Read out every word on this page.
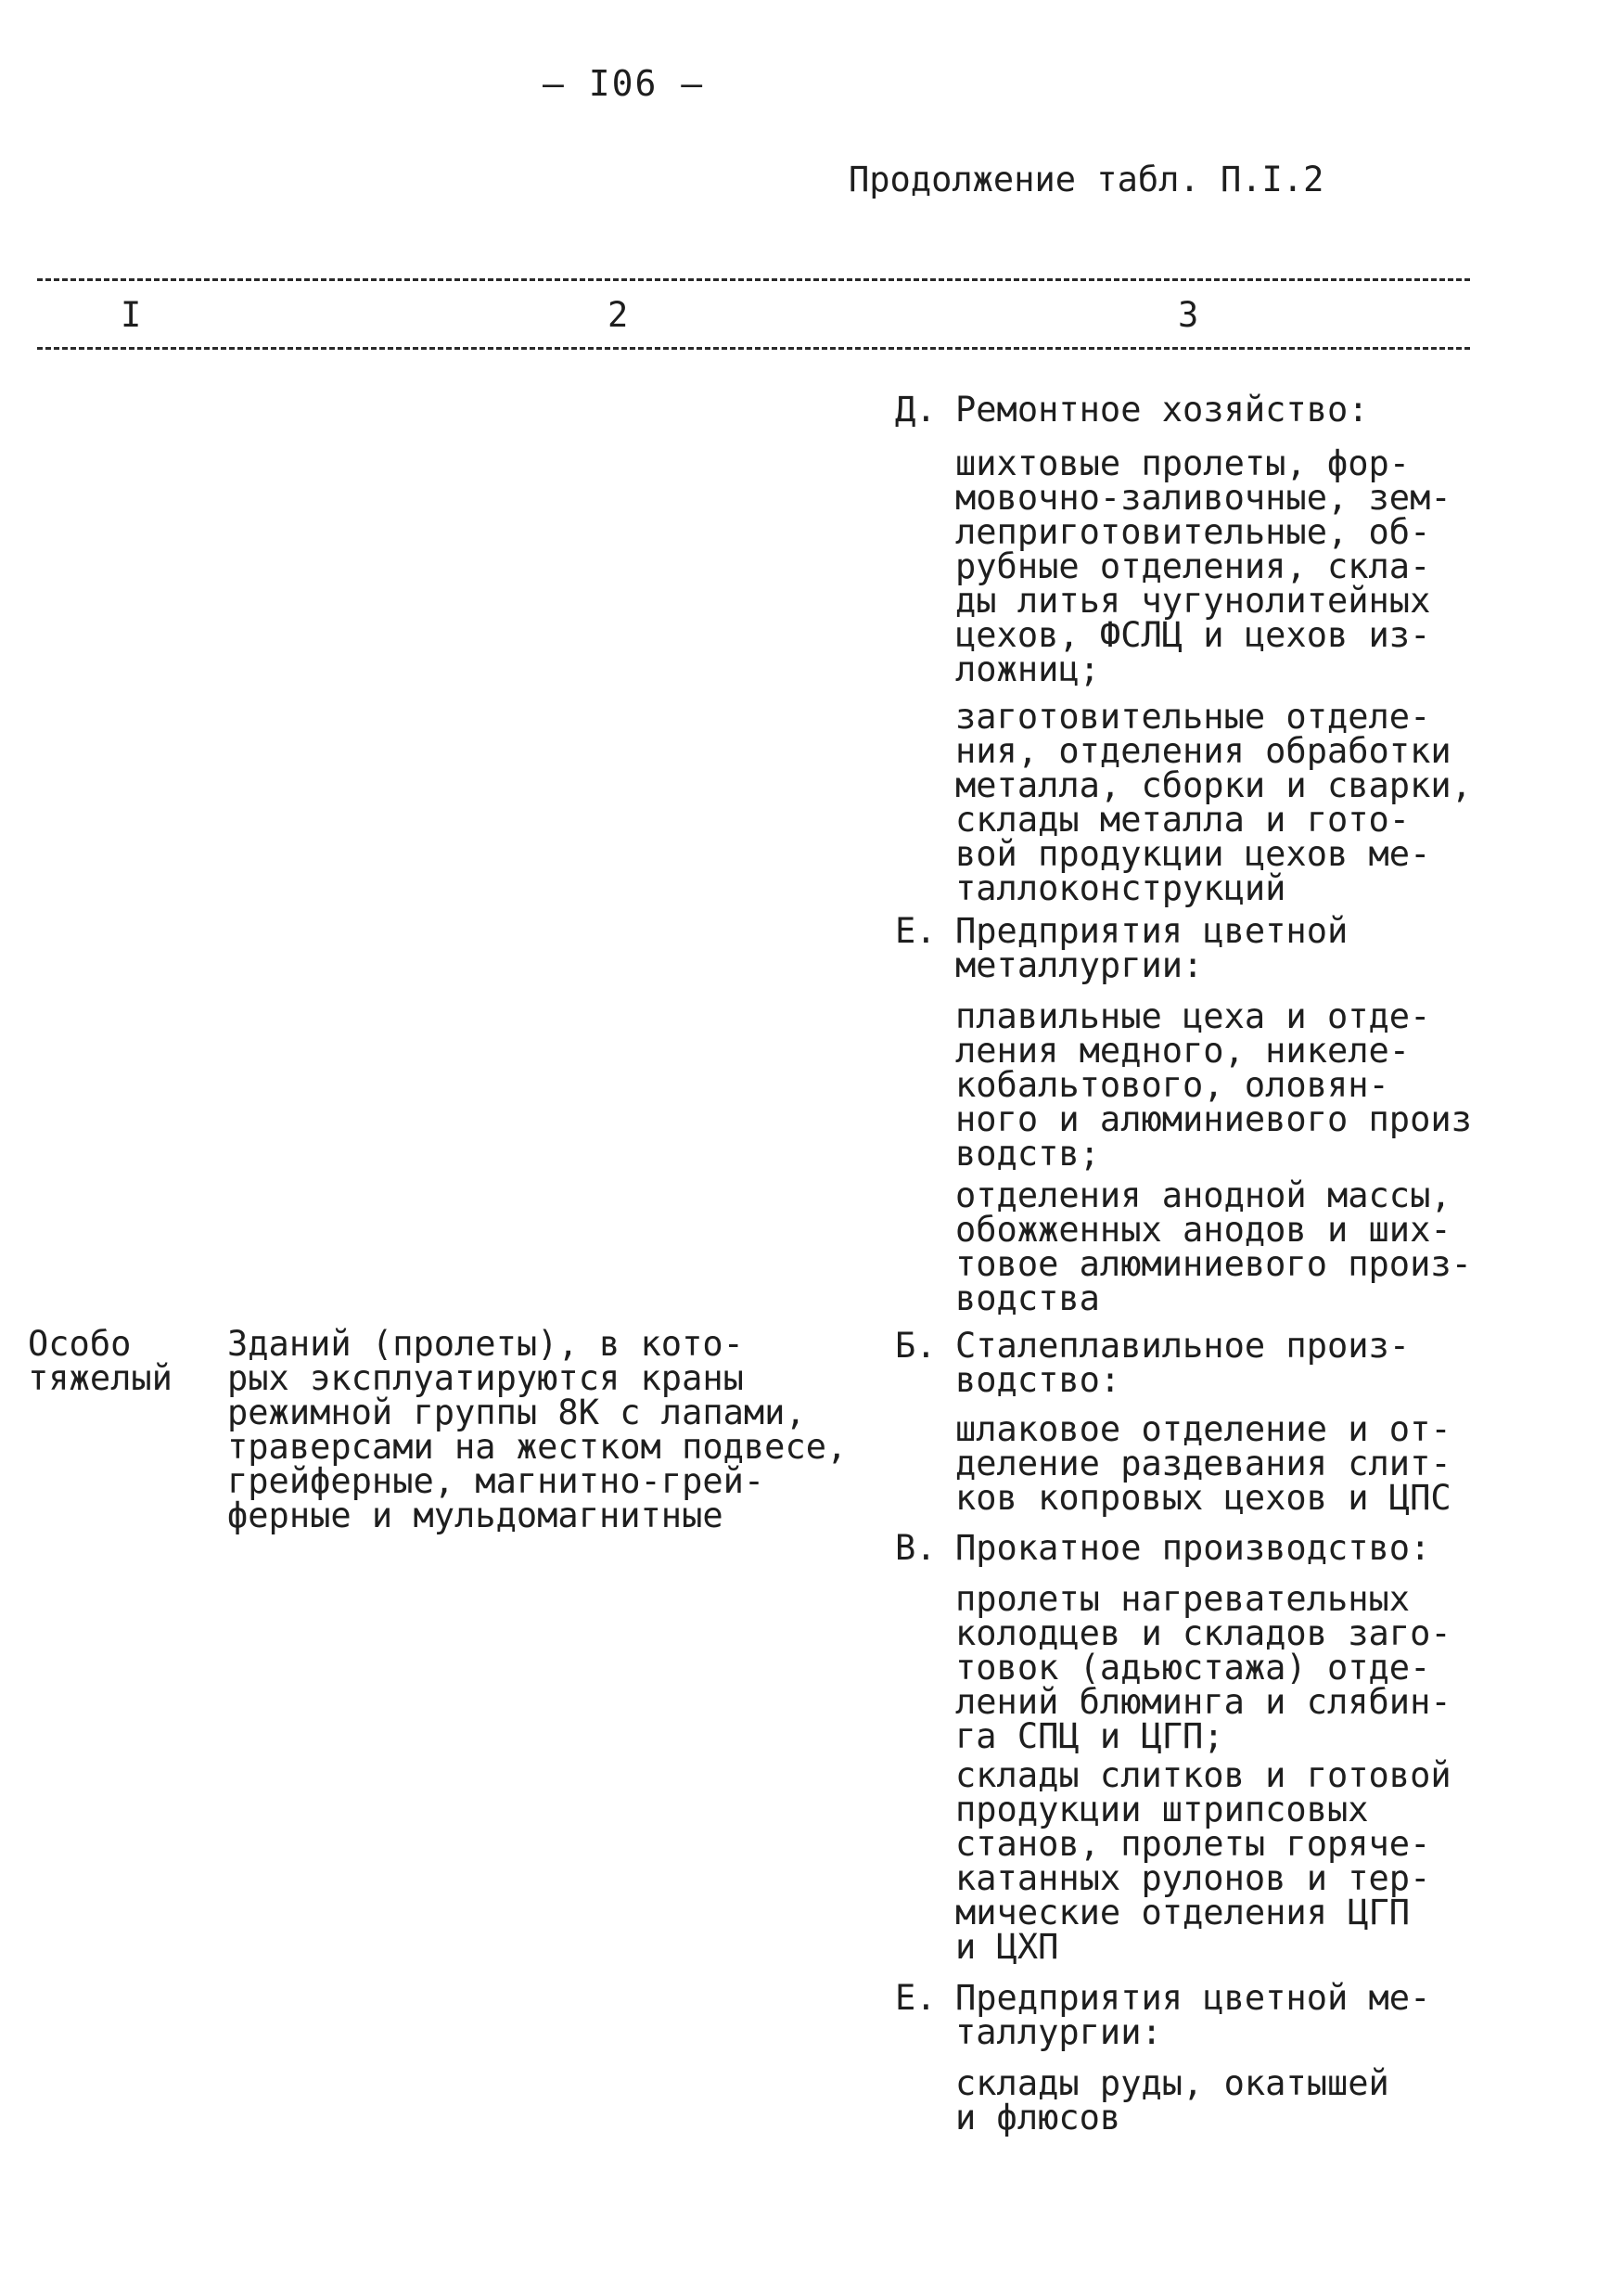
– I06 –
Продолжение табл. П.I.2
I	2	3
Д. Ремонтное хозяйство:
шихтовые пролеты, фор-
мовочно-заливочные, зем-
леприготовительные, об-
рубные отделения, скла-
ды литья чугунолитейных
цехов, ФСЛЦ и цехов из-
ложниц;
заготовительные отделе-
ния, отделения обработки
металла, сборки и сварки,
склады металла и гото-
вой продукции цехов ме-
таллоконструкций
Е. Предприятия цветной
металлургии:
плавильные цеха и отде-
ления медного, никеле-
кобальтового, оловян-
ного и алюминиевого произ
водств;
отделения анодной массы,
обожженных анодов и ших-
товое алюминиевого произ-
водства
Особо
тяжелый
Зданий (пролеты), в кото-
рых эксплуатируются краны
режимной группы 8К с лапами,
траверсами на жестком подвесе,
грейферные, магнитно-грей-
ферные и мульдомагнитные
Б. Сталеплавильное произ-
водство:
шлаковое отделение и от-
деление раздевания слит-
ков копровых цехов и ЦПС
В. Прокатное производство:
пролеты нагревательных
колодцев и складов заго-
товок (адьюстажа) отде-
лений блюминга и слябин-
га СПЦ и ЦГП;
склады слитков и готовой
продукции штрипсовых
станов, пролеты горяче-
катанных рулонов и тер-
мические отделения ЦГП
и ЦХП
Е. Предприятия цветной ме-
таллургии:
склады руды, окатышей
и флюсов
